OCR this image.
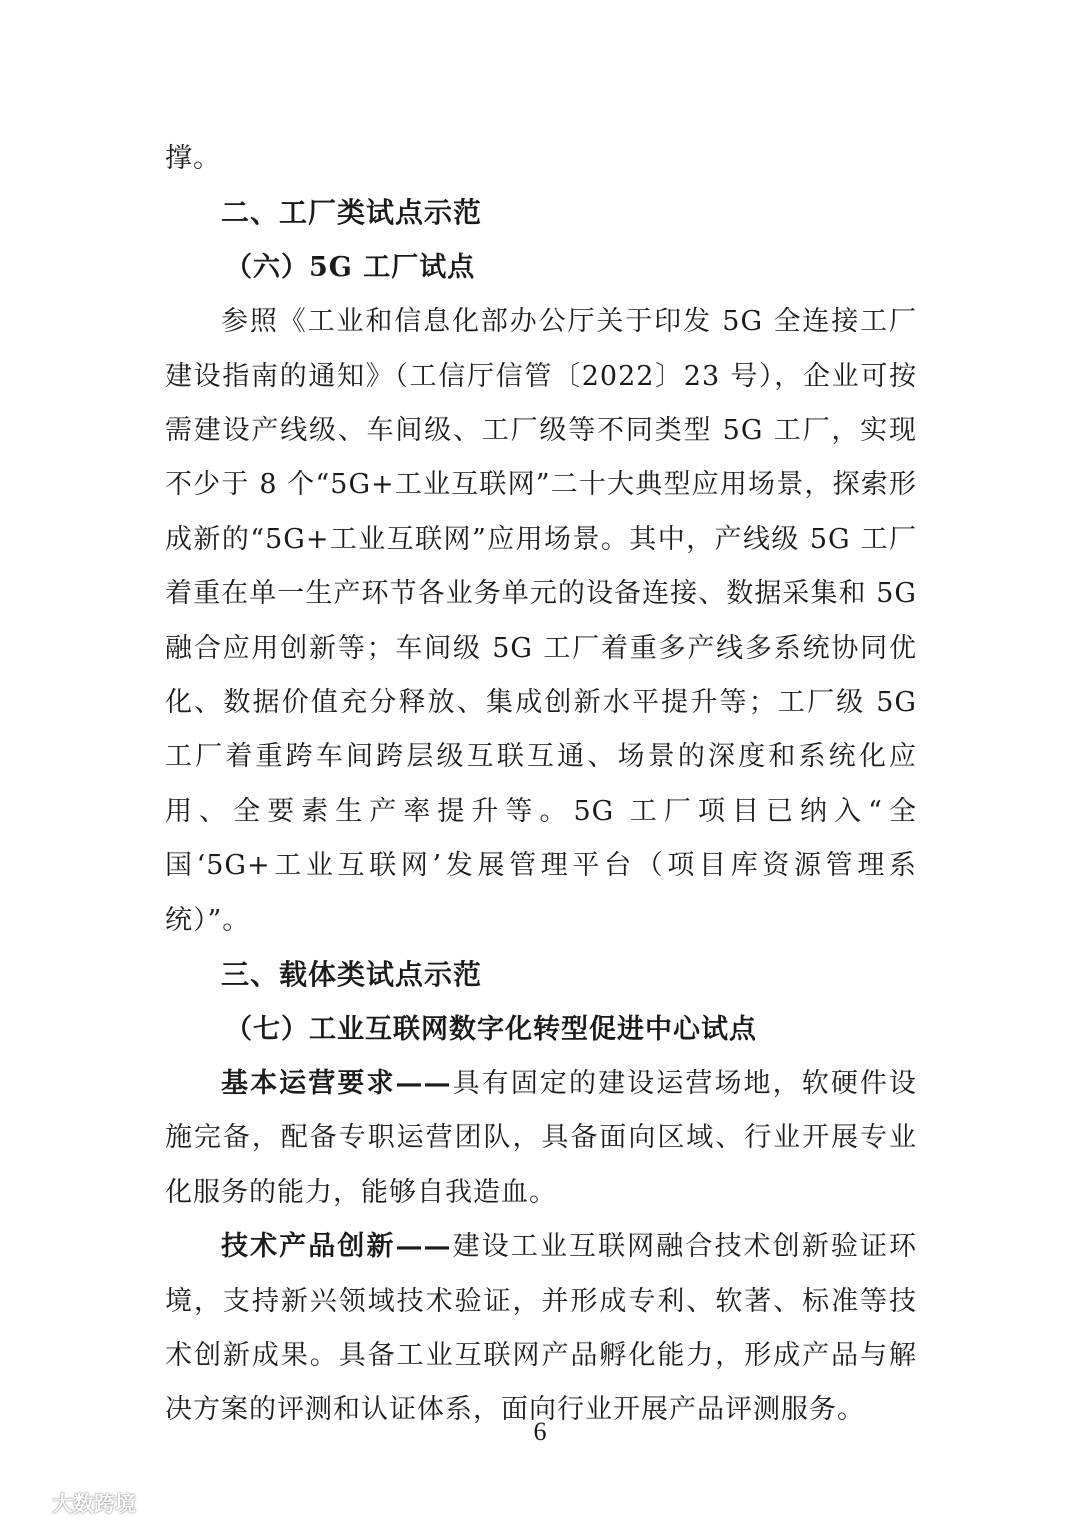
撑。

二、工厂类试点示范

（六）5G 工厂试点

参照《工业和信息化部办公厅关于印发 5G 全连接工厂建设指南的通知》（工信厅信管〔2022〕23 号），企业可按需建设产线级、车间级、工厂级等不同类型 5G 工厂，实现不少于 8 个“5G+工业互联网”二十大典型应用场景，探索形成新的“5G+工业互联网”应用场景。其中，产线级 5G 工厂着重在单一生产环节各业务单元的设备连接、数据采集和 5G 融合应用创新等；车间级 5G 工厂着重多产线多系统协同优化、数据价值充分释放、集成创新水平提升等；工厂级 5G 工厂着重跨车间跨层级互联互通、场景的深度和系统化应用、全要素生产率提升等。5G 工厂项目已纳入“全国‘5G+工业互联网’发展管理平台（项目库资源管理系统）”。

三、载体类试点示范

（七）工业互联网数字化转型促进中心试点

基本运营要求——具有固定的建设运营场地，软硬件设施完备，配备专职运营团队，具备面向区域、行业开展专业化服务的能力，能够自我造血。

技术产品创新——建设工业互联网融合技术创新验证环境，支持新兴领域技术验证，并形成专利、软著、标准等技术创新成果。具备工业互联网产品孵化能力，形成产品与解决方案的评测和认证体系，面向行业开展产品评测服务。

6
大数跨境
